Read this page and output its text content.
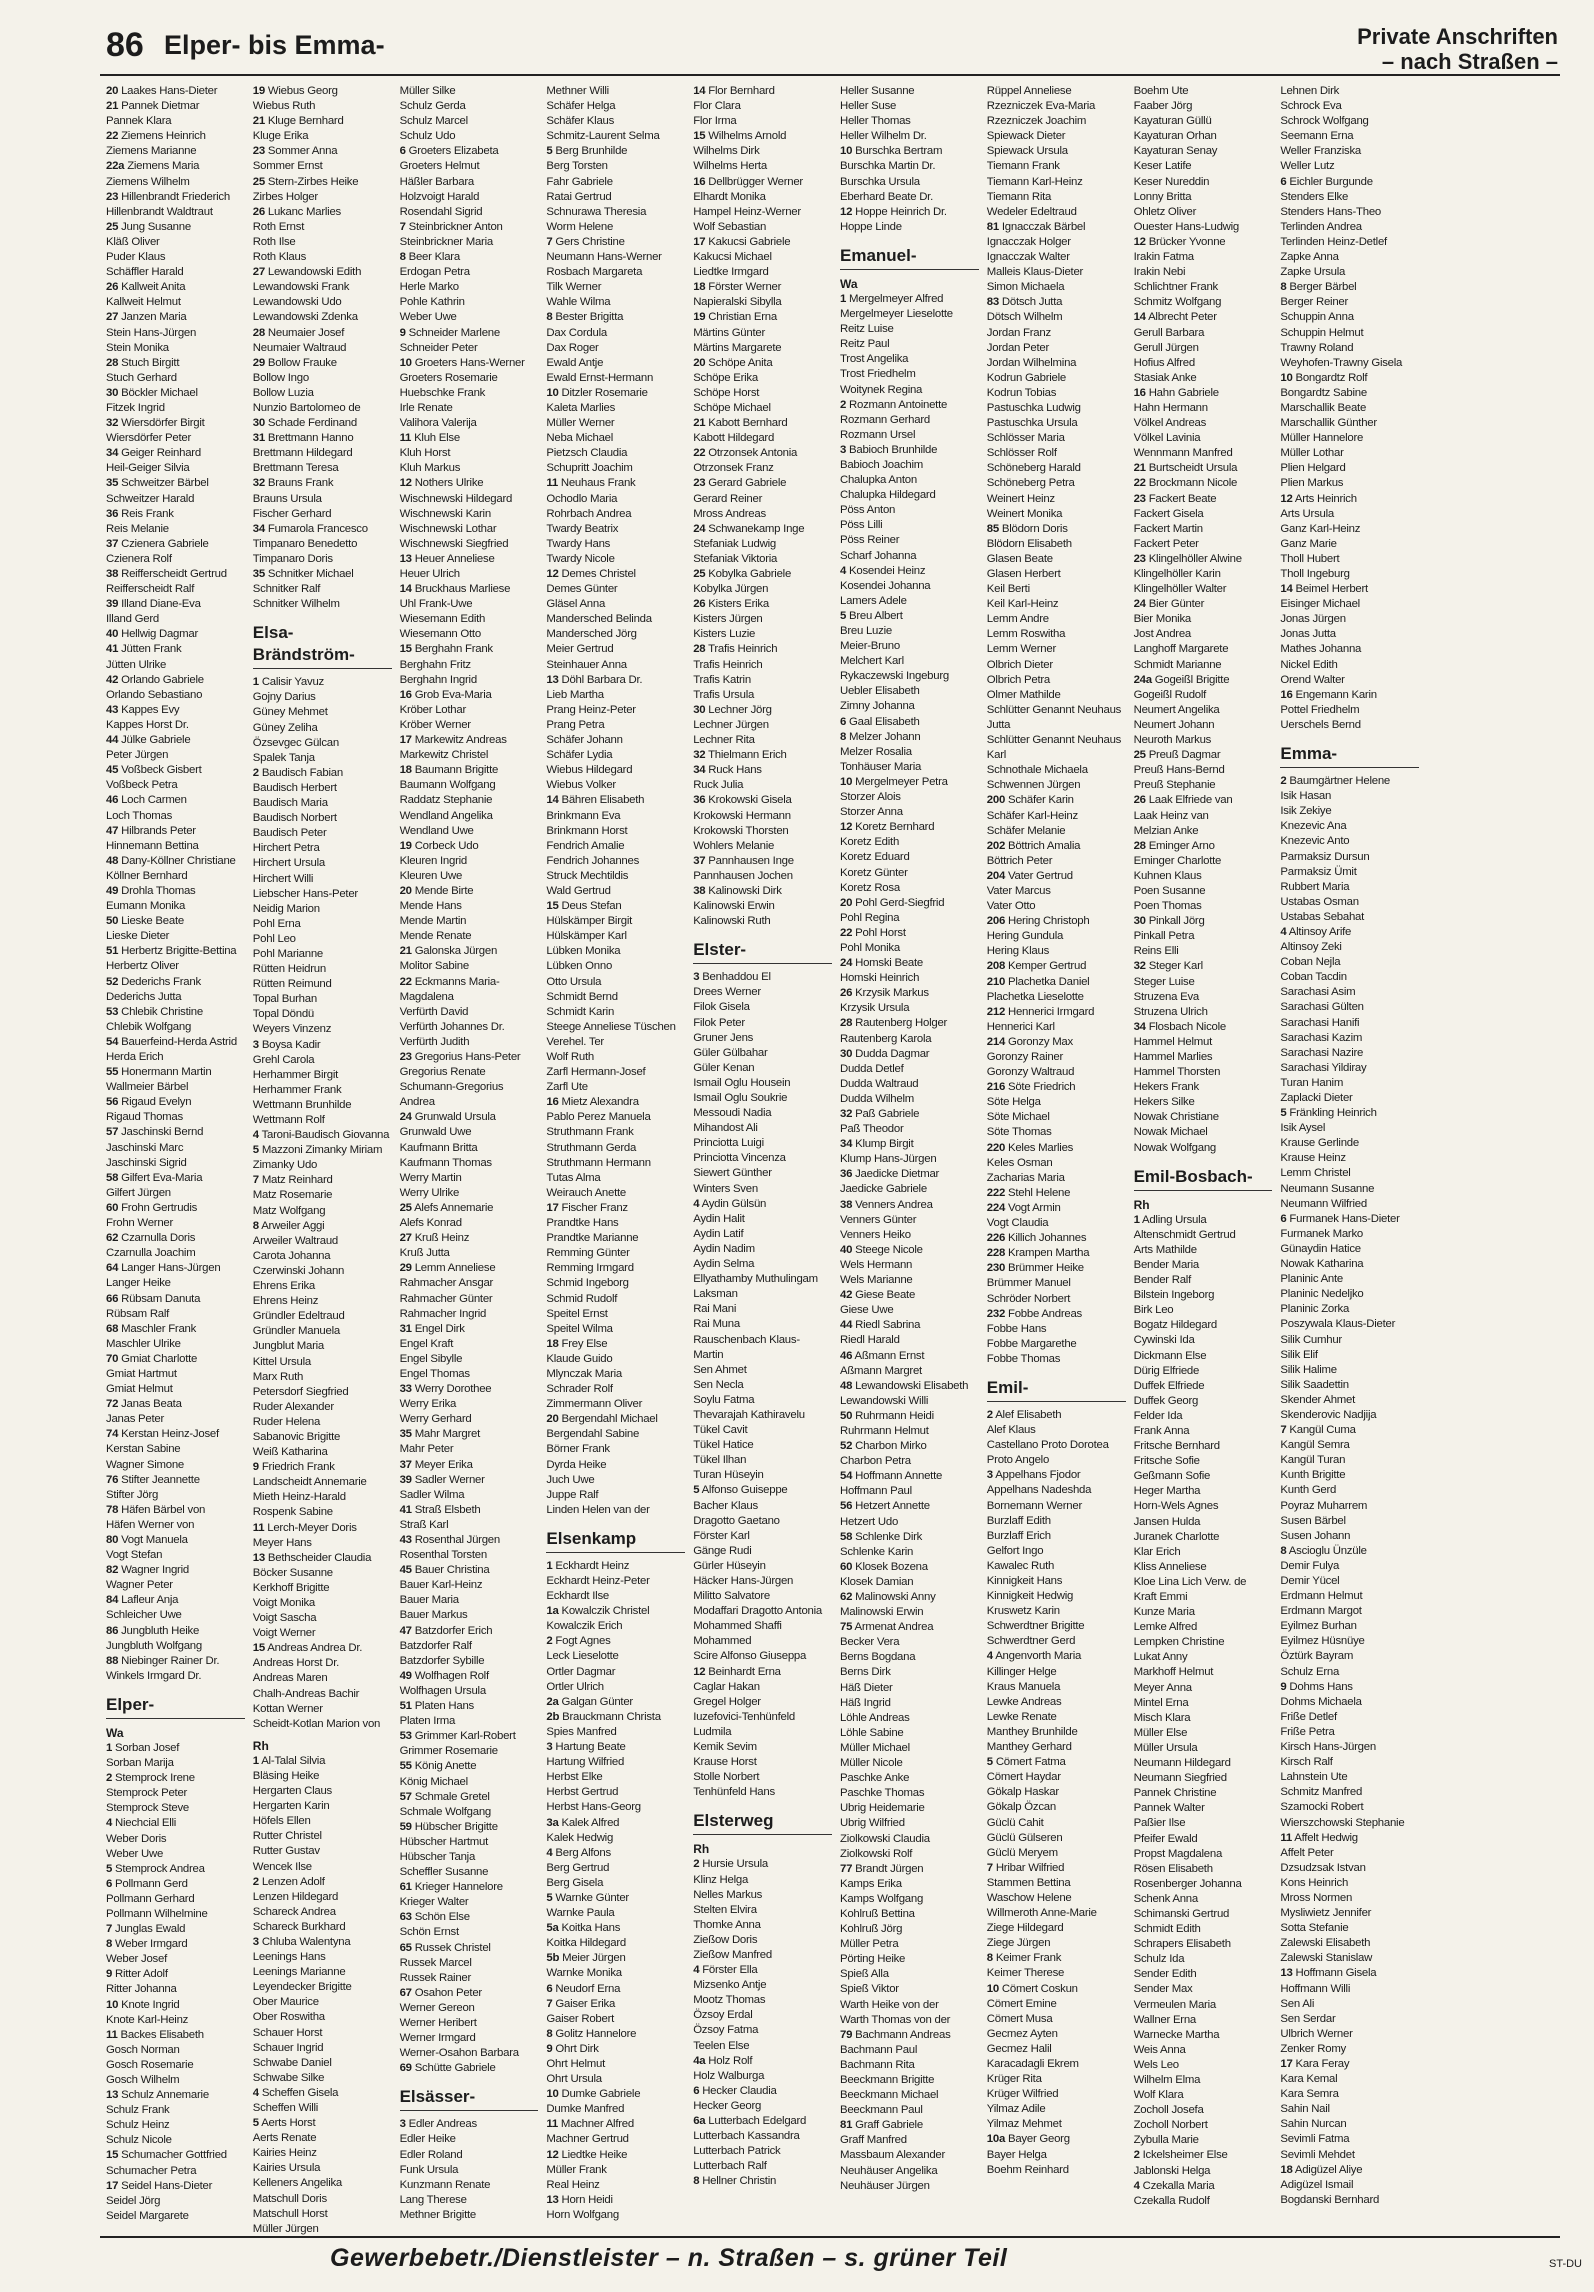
86 Elper- bis Emma-	Private Anschriften
– nach Straßen –
20 Laakes Hans-Dieter
21 Pannek Dietmar
Pannek Klara
22 Ziemens Heinrich
Ziemens Marianne
22a Ziemens Maria
Ziemens Wilhelm
23 Hillenbrandt Friederich
Hillenbrandt Waldtraut
25 Jung Susanne
Kläß Oliver
Puder Klaus
Schäffler Harald
26 Kallweit Anita
Kallweit Helmut
27 Janzen Maria
Stein Hans-Jürgen
Stein Monika
28 Stuch Birgitt
Stuch Gerhard
30 Böckler Michael
Fitzek Ingrid
32 Wiersdörfer Birgit
Wiersdörfer Peter
34 Geiger Reinhard
Heil-Geiger Silvia
35 Schweitzer Bärbel
Schweitzer Harald
36 Reis Frank
Reis Melanie
37 Czienera Gabriele
Czienera Rolf
38 Reifferscheidt Gertrud
Reifferscheidt Ralf
39 Illand Diane-Eva
Illand Gerd
40 Hellwig Dagmar
41 Jütten Frank
Jütten Ulrike
42 Orlando Gabriele
Orlando Sebastiano
43 Kappes Evy
Kappes Horst Dr.
44 Jülke Gabriele
Peter Jürgen
45 Voßbeck Gisbert
Voßbeck Petra
46 Loch Carmen
Loch Thomas
47 Hilbrands Peter
Hinnemann Bettina
48 Dany-Köllner Christiane
Köllner Bernhard
49 Drohla Thomas
Eumann Monika
50 Lieske Beate
Lieske Dieter
51 Herbertz Brigitte-Bettina
Herbertz Oliver
52 Dederichs Frank
Dederichs Jutta
53 Chlebik Christine
Chlebik Wolfgang
54 Bauerfeind-Herda Astrid
Herda Erich
55 Honermann Martin
Wallmeier Bärbel
56 Rigaud Evelyn
Rigaud Thomas
57 Jaschinski Bernd
Jaschinski Marc
Jaschinski Sigrid
58 Gilfert Eva-Maria
Gilfert Jürgen
60 Frohn Gertrudis
Frohn Werner
62 Czarnulla Doris
Czarnulla Joachim
64 Langer Hans-Jürgen
Langer Heike
66 Rübsam Danuta
Rübsam Ralf
68 Maschler Frank
Maschler Ulrike
70 Gmiat Charlotte
Gmiat Hartmut
Gmiat Helmut
72 Janas Beata
Janas Peter
74 Kerstan Heinz-Josef
Kerstan Sabine
Wagner Simone
76 Stifter Jeannette
Stifter Jörg
78 Häfen Bärbel von
Häfen Werner von
80 Vogt Manuela
Vogt Stefan
82 Wagner Ingrid
Wagner Peter
84 Lafleur Anja
Schleicher Uwe
86 Jungbluth Heike
Jungbluth Wolfgang
88 Niebinger Rainer Dr.
Winkels Irmgard Dr.
Elper-
Wa
1 Sorban Josef
Sorban Marija
2 Stemprock Irene
Stemprock Peter
Stemprock Steve
4 Niechcial Elli
Weber Doris
Weber Uwe
5 Stemprock Andrea
6 Pollmann Gerd
Pollmann Gerhard
Pollmann Wilhelmine
7 Junglas Ewald
8 Weber Irmgard
Weber Josef
9 Ritter Adolf
Ritter Johanna
10 Knote Ingrid
Knote Karl-Heinz
11 Backes Elisabeth
Gosch Norman
Gosch Rosemarie
Gosch Wilhelm
13 Schulz Annemarie
Schulz Frank
Schulz Heinz
Schulz Nicole
15 Schumacher Gottfried
Schumacher Petra
17 Seidel Hans-Dieter
Seidel Jörg
Seidel Margarete
19 Wiebus Georg
Wiebus Ruth
21 Kluge Bernhard
Kluge Erika
23 Sommer Anna
Sommer Ernst
25 Stern-Zirbes Heike
Zirbes Holger
26 Lukanc Marlies
Roth Ernst
Roth Ilse
Roth Klaus
27 Lewandowski Edith
Lewandowski Frank
Lewandowski Udo
Lewandowski Zdenka
28 Neumaier Josef
Neumaier Waltraud
29 Bollow Frauke
Bollow Ingo
Bollow Luzia
Nunzio Bartolomeo de
30 Schade Ferdinand
31 Brettmann Hanno
Brettmann Hildegard
Brettmann Teresa
32 Brauns Frank
Brauns Ursula
Fischer Gerhard
34 Fumarola Francesco
Timpanaro Benedetto
Timpanaro Doris
35 Schnitker Michael
Schnitker Ralf
Schnitker Wilhelm
Elsa-Brändström-
1 Calisir Yavuz
Gojny Darius
Güney Mehmet
Güney Zeliha
Özsevgec Gülcan
Spalek Tanja
2 Baudisch Fabian
Baudisch Herbert
Baudisch Maria
Baudisch Norbert
Baudisch Peter
Hirchert Petra
Hirchert Ursula
Hirchert Willi
Liebscher Hans-Peter
Neidig Marion
Pohl Erna
Pohl Leo
Pohl Marianne
Rütten Heidrun
Rütten Reimund
Topal Burhan
Topal Döndü
Weyers Vinzenz
3 Boysa Kadir
Grehl Carola
Herhammer Birgit
Herhammer Frank
Wettmann Brunhilde
Wettmann Rolf
4 Taroni-Baudisch Giovanna
5 Mazzoni Zimanky Miriam
Zimanky Udo
7 Matz Reinhard
Matz Rosemarie
Matz Wolfgang
8 Arweiler Aggi
Arweiler Waltraud
Carota Johanna
Czerwinski Johann
Ehrens Erika
Ehrens Heinz
Gründler Edeltraud
Gründler Manuela
Jungblut Maria
Kittel Ursula
Marx Ruth
Petersdorf Siegfried
Ruder Alexander
Ruder Helena
Sabanovic Brigitte
Weiß Katharina
9 Friedrich Frank
Landscheidt Annemarie
Mieth Heinz-Harald
Rospenk Sabine
11 Lerch-Meyer Doris
Meyer Hans
13 Bethscheider Claudia
Böcker Susanne
Kerkhoff Brigitte
Voigt Monika
Voigt Sascha
Voigt Werner
15 Andreas Andrea Dr.
Andreas Horst Dr.
Andreas Maren
Chalh-Andreas Bachir
Kottan Werner
Scheidt-Kotlan Marion von
Rh
1 Al-Talal Silvia
Bläsing Heike
Hergarten Claus
Hergarten Karin
Höfels Ellen
Rutter Christel
Rutter Gustav
Wencek Ilse
2 Lenzen Adolf
Lenzen Hildegard
Schareck Andrea
Schareck Burkhard
3 Chluba Walentyna
Leenings Hans
Leenings Marianne
Leyendecker Brigitte
Ober Maurice
Ober Roswitha
Schauer Horst
Schauer Ingrid
Schwabe Daniel
Schwabe Silke
4 Scheffen Gisela
Scheffen Willi
5 Aerts Horst
Aerts Renate
Kairies Heinz
Kairies Ursula
Kelleners Angelika
Matschull Doris
Matschull Horst
Müller Jürgen
Müller Silke
Schulz Gerda
Schulz Marcel
Schulz Udo
6 Groeters Elizabeta
Groeters Helmut
Häßler Barbara
Holzvoigt Harald
Rosendahl Sigrid
7 Steinbrickner Anton
Steinbrickner Maria
8 Beer Klara
Erdogan Petra
Herle Marko
Pohle Kathrin
Weber Uwe
9 Schneider Marlene
Schneider Peter
10 Groeters Hans-Werner
Groeters Rosemarie
Huebschke Frank
Irle Renate
Valihora Valerija
11 Kluh Else
Kluh Horst
Kluh Markus
12 Nothers Ulrike
Wischnewski Hildegard
Wischnewski Karin
Wischnewski Lothar
Wischnewski Siegfried
13 Heuer Anneliese
Heuer Ulrich
14 Bruckhaus Marliese
Uhl Frank-Uwe
Wiesemann Edith
Wiesemann Otto
15 Berghahn Frank
Berghahn Fritz
Berghahn Ingrid
16 Grob Eva-Maria
Kröber Lothar
Kröber Werner
17 Markewitz Andreas
Markewitz Christel
18 Baumann Brigitte
Baumann Wolfgang
Raddatz Stephanie
Wendland Angelika
Wendland Uwe
19 Corbeck Udo
Kleuren Ingrid
Kleuren Uwe
20 Mende Birte
Mende Hans
Mende Martin
Mende Renate
21 Galonska Jürgen
Molitor Sabine
22 Eckmanns Maria-
Magdalena
Verfürth David
Verfürth Johannes Dr.
Verfürth Judith
23 Gregorius Hans-Peter
Gregorius Renate
Schumann-Gregorius
Andrea
24 Grunwald Ursula
Grunwald Uwe
Kaufmann Britta
Kaufmann Thomas
Werry Martin
Werry Ulrike
25 Alefs Annemarie
Alefs Konrad
27 Kruß Heinz
Kruß Jutta
29 Lemm Anneliese
Rahmacher Ansgar
Rahmacher Günter
Rahmacher Ingrid
31 Engel Dirk
Engel Kraft
Engel Sibylle
Engel Thomas
33 Werry Dorothee
Werry Erika
Werry Gerhard
35 Mahr Margret
Mahr Peter
37 Meyer Erika
39 Sadler Werner
Sadler Wilma
41 Straß Elsbeth
Straß Karl
43 Rosenthal Jürgen
Rosenthal Torsten
45 Bauer Christina
Bauer Karl-Heinz
Bauer Maria
Bauer Markus
47 Batzdorfer Erich
Batzdorfer Ralf
Batzdorfer Sybille
49 Wolfhagen Rolf
Wolfhagen Ursula
51 Platen Hans
Platen Irma
53 Grimmer Karl-Robert
Grimmer Rosemarie
55 König Anette
König Michael
57 Schmale Gretel
Schmale Wolfgang
59 Hübscher Brigitte
Hübscher Hartmut
Hübscher Tanja
Scheffler Susanne
61 Krieger Hannelore
Krieger Walter
63 Schön Else
Schön Ernst
65 Russek Christel
Russek Marcel
Russek Rainer
67 Osahon Peter
Werner Gereon
Werner Heribert
Werner Irmgard
Werner-Osahon Barbara
69 Schütte Gabriele
Elsässer-
3 Edler Andreas
Edler Heike
Edler Roland
Funk Ursula
Kunzmann Renate
Lang Therese
Methner Brigitte
Methner Willi
Schäfer Helga
Schäfer Klaus
Schmitz-Laurent Selma
5 Berg Brunhilde
Berg Torsten
Fahr Gabriele
Ratai Gertrud
Schnurawa Theresia
Worm Helene
7 Gers Christine
Neumann Hans-Werner
Rosbach Margareta
Tilk Werner
Wahle Wilma
8 Bester Brigitta
Dax Cordula
Dax Roger
Ewald Antje
Ewald Ernst-Hermann
10 Ditzler Rosemarie
Kaleta Marlies
Müller Werner
Neba Michael
Pietzsch Claudia
Schupritt Joachim
11 Neuhaus Frank
Ochodlo Maria
Rohrbach Andrea
Twardy Beatrix
Twardy Hans
Twardy Nicole
12 Demes Christel
Demes Günter
Gläsel Anna
Mandersched Belinda
Mandersched Jörg
Meier Gertrud
Steinhauer Anna
13 Döhl Barbara Dr.
Lieb Martha
Prang Heinz-Peter
Prang Petra
Schäfer Johann
Schäfer Lydia
Wiebus Hildegard
Wiebus Volker
14 Bähren Elisabeth
Brinkmann Eva
Brinkmann Horst
Fendrich Amalie
Fendrich Johannes
Struck Mechtildis
Wald Gertrud
15 Deus Stefan
Hülskämper Birgit
Hülskämper Karl
Lübken Monika
Lübken Onno
Otto Ursula
Schmidt Bernd
Schmidt Karin
Steege Anneliese Tüschen
Verehel. Ter
Wolf Ruth
Zarfl Hermann-Josef
Zarfl Ute
16 Mietz Alexandra
Pablo Perez Manuela
Struthmann Frank
Struthmann Gerda
Struthmann Hermann
Tutas Alma
Weirauch Anette
17 Fischer Franz
Prandtke Hans
Prandtke Marianne
Remming Günter
Remming Irmgard
Schmid Ingeborg
Schmid Rudolf
Speitel Ernst
Speitel Wilma
18 Frey Else
Klaude Guido
Mlynczak Maria
Schrader Rolf
Zimmermann Oliver
20 Bergendahl Michael
Bergendahl Sabine
Börner Frank
Dyrda Heike
Juch Uwe
Juppe Ralf
Linden Helen van der
Elsenkamp
1 Eckhardt Heinz
Eckhardt Heinz-Peter
Eckhardt Ilse
1a Kowalczik Christel
Kowalczik Erich
2 Fogt Agnes
Leck Lieselotte
Ortler Dagmar
Ortler Ulrich
2a Galgan Günter
2b Brauckmann Christa
Spies Manfred
3 Hartung Beate
Hartung Wilfried
Herbst Elke
Herbst Gertrud
Herbst Hans-Georg
3a Kalek Alfred
Kalek Hedwig
4 Berg Alfons
Berg Gertrud
Berg Gisela
5 Warnke Günter
Warnke Paula
5a Koitka Hans
Koitka Hildegard
5b Meier Jürgen
Warnke Monika
6 Neudorf Erna
7 Gaiser Erika
Gaiser Robert
8 Golitz Hannelore
9 Ohrt Dirk
Ohrt Helmut
Ohrt Ursula
10 Dumke Gabriele
Dumke Manfred
11 Machner Alfred
Machner Gertrud
12 Liedtke Heike
Müller Frank
Real Heinz
13 Horn Heidi
Horn Wolfgang
14 Flor Bernhard
Flor Clara
Flor Irma
15 Wilhelms Arnold
Wilhelms Dirk
Wilhelms Herta
16 Dellbrügger Werner
Elhardt Monika
Hampel Heinz-Werner
Wolf Sebastian
17 Kakucsi Gabriele
Kakucsi Michael
Liedtke Irmgard
18 Förster Werner
Napieralski Sibylla
19 Christian Erna
Märtins Günter
Märtins Margarete
20 Schöpe Anita
Schöpe Erika
Schöpe Horst
Schöpe Michael
21 Kabott Bernhard
Kabott Hildegard
22 Otrzonsek Antonia
Otrzonsek Franz
23 Gerard Gabriele
Gerard Reiner
Mross Andreas
24 Schwanekamp Inge
Stefaniak Ludwig
Stefaniak Viktoria
25 Kobylka Gabriele
Kobylka Jürgen
26 Kisters Erika
Kisters Jürgen
Kisters Luzie
28 Trafis Heinrich
Trafis Heinrich
Trafis Katrin
Trafis Ursula
30 Lechner Jörg
Lechner Jürgen
Lechner Rita
32 Thielmann Erich
34 Ruck Hans
Ruck Julia
36 Krokowski Gisela
Krokowski Hermann
Krokowski Thorsten
Wohlers Melanie
37 Pannhausen Inge
Pannhausen Jochen
38 Kalinowski Dirk
Kalinowski Erwin
Kalinowski Ruth
Elster-
3 Benhaddou El
Drees Werner
Filok Gisela
Filok Peter
Gruner Jens
Güler Gülbahar
Güler Kenan
Ismail Oglu Housein
Ismail Oglu Soukrie
Messoudi Nadia
Mihandost Ali
Princiotta Luigi
Princiotta Vincenza
Siewert Günther
Winters Sven
4 Aydin Gülsün
Aydin Halit
Aydin Latif
Aydin Nadim
Aydin Selma
Ellyathamby Muthulingam
Laksman
Rai Mani
Rai Muna
Rauschenbach Klaus-
Martin
Sen Ahmet
Sen Necla
Soylu Fatma
Thevarajah Kathiravelu
Tükel Cavit
Tükel Hatice
Tükel Ilhan
Turan Hüseyin
5 Alfonso Guiseppe
Bacher Klaus
Dragotto Gaetano
Förster Karl
Gänge Rudi
Gürler Hüseyin
Häcker Hans-Jürgen
Militto Salvatore
Modaffari Dragotto Antonia
Mohammed Shaffi
Mohammed
Scire Alfonso Giuseppa
12 Beinhardt Erna
Caglar Hakan
Gregel Holger
Iuzefovici-Tenhünfeld
Ludmila
Kemik Sevim
Krause Horst
Stolle Norbert
Tenhünfeld Hans
Elsterweg
Rh
2 Hursie Ursula
Klinz Helga
Nelles Markus
Stelten Elvira
Thomke Anna
Zießow Doris
Zießow Manfred
4 Förster Ella
Mizsenko Antje
Mootz Thomas
Özsoy Erdal
Özsoy Fatma
Teelen Else
4a Holz Rolf
Holz Walburga
6 Hecker Claudia
Hecker Georg
6a Lutterbach Edelgard
Lutterbach Kassandra
Lutterbach Patrick
Lutterbach Ralf
8 Hellner Christin
Heller Susanne
Heller Suse
Heller Thomas
Heller Wilhelm Dr.
10 Burschka Bertram
Burschka Martin Dr.
Burschka Ursula
Eberhard Beate Dr.
12 Hoppe Heinrich Dr.
Hoppe Linde
Emanuel-
Wa
1 Mergelmeyer Alfred
Mergelmeyer Lieselotte
Reitz Luise
Reitz Paul
Trost Angelika
Trost Friedhelm
Woitynek Regina
2 Rozmann Antoinette
Rozmann Gerhard
Rozmann Ursel
3 Babioch Brunhilde
Babioch Joachim
Chalupka Anton
Chalupka Hildegard
Pöss Anton
Pöss Lilli
Pöss Reiner
Scharf Johanna
4 Kosendei Heinz
Kosendei Johanna
Lamers Adele
5 Breu Albert
Breu Luzie
Meier-Bruno
Melchert Karl
Rykaczewski Ingeburg
Uebler Elisabeth
Zimny Johanna
6 Gaal Elisabeth
8 Melzer Johann
Melzer Rosalia
Tonhäuser Maria
10 Mergelmeyer Petra
Storzer Alois
Storzer Anna
12 Koretz Bernhard
Koretz Edith
Koretz Eduard
Koretz Günter
Koretz Rosa
20 Pohl Gerd-Siegfrid
Pohl Regina
22 Pohl Horst
Pohl Monika
24 Homski Beate
Homski Heinrich
26 Krzysik Markus
Krzysik Ursula
28 Rautenberg Holger
Rautenberg Karola
30 Dudda Dagmar
Dudda Detlef
Dudda Waltraud
Dudda Wilhelm
32 Paß Gabriele
Paß Theodor
34 Klump Birgit
Klump Hans-Jürgen
36 Jaedicke Dietmar
Jaedicke Gabriele
38 Venners Andrea
Venners Günter
Venners Heiko
40 Steege Nicole
Wels Hermann
Wels Marianne
42 Giese Beate
Giese Uwe
44 Riedl Sabrina
Riedl Harald
46 Aßmann Ernst
Aßmann Margret
48 Lewandowski Elisabeth
Lewandowski Willi
50 Ruhrmann Heidi
Ruhrmann Helmut
52 Charbon Mirko
Charbon Petra
54 Hoffmann Annette
Hoffmann Paul
56 Hetzert Annette
Hetzert Udo
58 Schlenke Dirk
Schlenke Karin
60 Klosek Bozena
Klosek Damian
62 Malinowski Anny
Malinowski Erwin
75 Armenat Andrea
Becker Vera
Berns Bogdana
Berns Dirk
Häß Dieter
Häß Ingrid
Löhle Andreas
Löhle Sabine
Müller Michael
Müller Nicole
Paschke Anke
Paschke Thomas
Ubrig Heidemarie
Ubrig Wilfried
Ziolkowski Claudia
Ziolkowski Rolf
77 Brandt Jürgen
Kamps Erika
Kamps Wolfgang
Kohlruß Bettina
Kohlruß Jörg
Müller Petra
Pörting Heike
Spieß Alla
Spieß Viktor
Warth Heike von der
Warth Thomas von der
79 Bachmann Andreas
Bachmann Paul
Bachmann Rita
Beeckmann Brigitte
Beeckmann Michael
Beeckmann Paul
81 Graff Gabriele
Graff Manfred
Massbaum Alexander
Neuhäuser Angelika
Neuhäuser Jürgen
Rüppel Anneliese
Rzezniczek Eva-Maria
Rzezniczek Joachim
Spiewack Dieter
Spiewack Ursula
Tiemann Frank
Tiemann Karl-Heinz
Tiemann Rita
Wedeler Edeltraud
81 Ignacczak Bärbel
Ignacczak Holger
Ignacczak Walter
Malleis Klaus-Dieter
Simon Michaela
83 Dötsch Jutta
Dötsch Wilhelm
Jordan Franz
Jordan Peter
Jordan Wilhelmina
Kodrun Gabriele
Kodrun Tobias
Pastuschka Ludwig
Pastuschka Ursula
Schlösser Maria
Schlösser Rolf
Schöneberg Harald
Schöneberg Petra
Weinert Heinz
Weinert Monika
85 Blödorn Doris
Blödorn Elisabeth
Glasen Beate
Glasen Herbert
Keil Berti
Keil Karl-Heinz
Lemm Andre
Lemm Roswitha
Lemm Werner
Olbrich Dieter
Olbrich Petra
Olmer Mathilde
Schlütter Genannt Neuhaus
Jutta
Schlütter Genannt Neuhaus
Karl
Schnothale Michaela
Schwennen Jürgen
200 Schäfer Karin
Schäfer Karl-Heinz
Schäfer Melanie
202 Böttrich Amalia
Böttrich Peter
204 Vater Gertrud
Vater Marcus
Vater Otto
206 Hering Christoph
Hering Gundula
Hering Klaus
208 Kemper Gertrud
210 Plachetka Daniel
Plachetka Lieselotte
212 Hennerici Irmgard
Hennerici Karl
214 Goronzy Max
Goronzy Rainer
Goronzy Waltraud
216 Söte Friedrich
Söte Helga
Söte Michael
Söte Thomas
220 Keles Marlies
Keles Osman
Zacharias Maria
222 Stehl Helene
224 Vogt Armin
Vogt Claudia
226 Killich Johannes
228 Krampen Martha
230 Brümmer Heike
Brümmer Manuel
Schröder Norbert
232 Fobbe Andreas
Fobbe Hans
Fobbe Margarethe
Fobbe Thomas
Emil-
2 Alef Elisabeth
Alef Klaus
Castellano Proto Dorotea
Proto Angelo
3 Appelhans Fjodor
Appelhans Nadeshda
Bornemann Werner
Burzlaff Edith
Burzlaff Erich
Gelfort Ingo
Kawalec Ruth
Kinnigkeit Hans
Kinnigkeit Hedwig
Kruswetz Karin
Schwerdtner Brigitte
Schwerdtner Gerd
4 Angenvorth Maria
Killinger Helge
Kraus Manuela
Lewke Andreas
Lewke Renate
Manthey Brunhilde
Manthey Gerhard
5 Cömert Fatma
Cömert Haydar
Gökalp Haskar
Gökalp Özcan
Güclü Cahit
Güclü Gülseren
Güclü Meryem
7 Hribar Wilfried
Stammen Bettina
Waschow Helene
Willmeroth Anne-Marie
Ziege Hildegard
Ziege Jürgen
8 Keimer Frank
Keimer Therese
10 Cömert Coskun
Cömert Emine
Cömert Musa
Gecmez Ayten
Gecmez Halil
Karacadagli Ekrem
Krüger Rita
Krüger Wilfried
Yilmaz Adile
Yilmaz Mehmet
10a Bayer Georg
Bayer Helga
Boehm Reinhard
Boehm Ute
Faaber Jörg
Kayaturan Güllü
Kayaturan Orhan
Kayaturan Senay
Keser Latife
Keser Nureddin
Lonny Britta
Ohletz Oliver
Ouester Hans-Ludwig
12 Brücker Yvonne
Irakin Fatma
Irakin Nebi
Schlichtner Frank
Schmitz Wolfgang
14 Albrecht Peter
Gerull Barbara
Gerull Jürgen
Hofius Alfred
Stasiak Anke
16 Hahn Gabriele
Hahn Hermann
Völkel Andreas
Völkel Lavinia
Wennmann Manfred
21 Burtscheidt Ursula
22 Brockmann Nicole
23 Fackert Beate
Fackert Gisela
Fackert Martin
Fackert Peter
23 Klingelhöller Alwine
Klingelhöller Karin
Klingelhöller Walter
24 Bier Günter
Bier Monika
Jost Andrea
Langhoff Margarete
Schmidt Marianne
24a Gogeißl Brigitte
Gogeißl Rudolf
Neumert Angelika
Neumert Johann
Neuroth Markus
25 Preuß Dagmar
Preuß Hans-Bernd
Preuß Stephanie
26 Laak Elfriede van
Laak Heinz van
Melzian Anke
28 Eminger Arno
Eminger Charlotte
Kuhnen Klaus
Poen Susanne
Poen Thomas
30 Pinkall Jörg
Pinkall Petra
Reins Elli
32 Steger Karl
Steger Luise
Struzena Eva
Struzena Ulrich
34 Flosbach Nicole
Hammel Helmut
Hammel Marlies
Hammel Thorsten
Hekers Frank
Hekers Silke
Nowak Christiane
Nowak Michael
Nowak Wolfgang
Emil-Bosbach-
Rh
1 Adling Ursula
Altenschmidt Gertrud
Arts Mathilde
Bender Maria
Bender Ralf
Bilstein Ingeborg
Birk Leo
Bogatz Hildegard
Cywinski Ida
Dickmann Else
Dürig Elfriede
Duffek Elfriede
Duffek Georg
Felder Ida
Frank Anna
Fritsche Bernhard
Fritsche Sofie
Geßmann Sofie
Heger Martha
Horn-Wels Agnes
Jansen Hulda
Juranek Charlotte
Klar Erich
Kliss Anneliese
Kloe Lina Lich Verw. de
Kraft Emmi
Kunze Maria
Lemke Alfred
Lempken Christine
Lukat Anny
Markhoff Helmut
Meyer Anna
Mintel Erna
Misch Klara
Müller Else
Müller Ursula
Neumann Hildegard
Neumann Siegfried
Pannek Christine
Pannek Walter
Paßier Ilse
Pfeifer Ewald
Propst Magdalena
Rösen Elisabeth
Rosenberger Johanna
Schenk Anna
Schimanski Gertrud
Schmidt Edith
Schrapers Elisabeth
Schulz Ida
Sender Edith
Sender Max
Vermeulen Maria
Wallner Erna
Warnecke Martha
Weis Anna
Wels Leo
Wilhelm Elma
Wolf Klara
Zocholl Josefa
Zocholl Norbert
Zybulla Marie
2 Ickelsheimer Else
Jablonski Helga
4 Czekalla Maria
Czekalla Rudolf
Lehnen Dirk
Schrock Eva
Schrock Wolfgang
Seemann Erna
Weller Franziska
Weller Lutz
6 Eichler Burgunde
Stenders Elke
Stenders Hans-Theo
Terlinden Andrea
Terlinden Heinz-Detlef
Zapke Anna
Zapke Ursula
8 Berger Bärbel
Berger Reiner
Schuppin Anna
Schuppin Helmut
Trawny Roland
Weyhofen-Trawny Gisela
10 Bongardtz Rolf
Bongardtz Sabine
Marschallik Beate
Marschallik Günther
Müller Hannelore
Müller Lothar
Plien Helgard
Plien Markus
12 Arts Heinrich
Arts Ursula
Ganz Karl-Heinz
Ganz Marie
Tholl Hubert
Tholl Ingeburg
14 Beimel Herbert
Eisinger Michael
Jonas Jürgen
Jonas Jutta
Mathes Johanna
Nickel Edith
Orend Walter
16 Engemann Karin
Pottel Friedhelm
Uerschels Bernd
Emma-
2 Baumgärtner Helene
Isik Hasan
Isik Zekiye
Knezevic Ana
Knezevic Anto
Parmaksiz Dursun
Parmaksiz Ümit
Rubbert Maria
Ustabas Osman
Ustabas Sebahat
4 Altinsoy Arife
Altinsoy Zeki
Coban Nejla
Coban Tacdin
Sarachasi Asim
Sarachasi Gülten
Sarachasi Hanifi
Sarachasi Kazim
Sarachasi Nazire
Sarachasi Yildiray
Turan Hanim
Zaplacki Dieter
5 Fränkling Heinrich
Isik Aysel
Krause Gerlinde
Krause Heinz
Lemm Christel
Neumann Susanne
Neumann Wilfried
6 Furmanek Hans-Dieter
Furmanek Marko
Günaydin Hatice
Nowak Katharina
Planinic Ante
Planinic Nedeljko
Planinic Zorka
Poszywala Klaus-Dieter
Silik Cumhur
Silik Elif
Silik Halime
Silik Saadettin
Skender Ahmet
Skenderovic Nadjija
7 Kangül Cuma
Kangül Semra
Kangül Turan
Kunth Brigitte
Kunth Gerd
Poyraz Muharrem
Susen Bärbel
Susen Johann
8 Ascioglu Ünzüle
Demir Fulya
Demir Yücel
Erdmann Helmut
Erdmann Margot
Eyilmez Burhan
Eyilmez Hüsnüye
Öztürk Bayram
Schulz Erna
9 Dohms Hans
Dohms Michaela
Friße Detlef
Friße Petra
Kirsch Hans-Jürgen
Kirsch Ralf
Lahnstein Ute
Schmitz Manfred
Szamocki Robert
Wierszchowski Stephanie
11 Affelt Hedwig
Affelt Peter
Dzsudzsak Istvan
Kons Heinrich
Mross Normen
Mysliwietz Jennifer
Sotta Stefanie
Zalewski Elisabeth
Zalewski Stanislaw
13 Hoffmann Gisela
Hoffmann Willi
Sen Ali
Sen Serdar
Ulbrich Werner
Zenker Romy
17 Kara Feray
Kara Kemal
Kara Semra
Sahin Nail
Sahin Nurcan
Sevimli Fatma
Sevimli Mehdet
18 Adigüzel Aliye
Adigüzel Ismail
Bogdanski Bernhard
Gewerbebetr./Dienstleister – n. Straßen – s. grüner Teil	ST-DU
